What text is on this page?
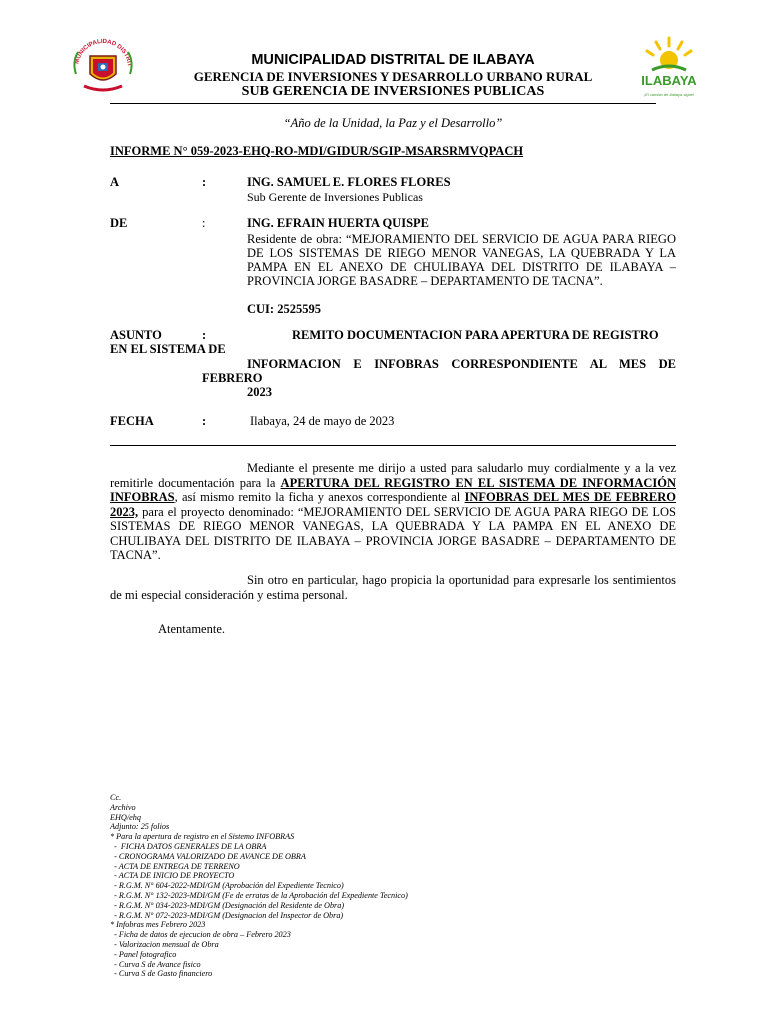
MUNICIPALIDAD DISTRIT
ILABAYA
¡El cambio de Ilabaya sigue!
MUNICIPALIDAD DISTRITAL DE ILABAYA
GERENCIA DE INVERSIONES Y DESARROLLO URBANO RURAL
SUB GERENCIA DE INVERSIONES PUBLICAS
“Año de la Unidad, la Paz y el Desarrollo”
INFORME N° 059-2023-EHQ-RO-MDI/GIDUR/SGIP-MSARSRMVQPACH
A	:	ING. SAMUEL E. FLORES FLORES
Sub Gerente de Inversiones Publicas
DE	:	ING. EFRAIN HUERTA QUISPE
Residente de obra: “MEJORAMIENTO DEL SERVICIO DE AGUA PARA RIEGO DE LOS SISTEMAS DE RIEGO MENOR VANEGAS, LA QUEBRADA Y LA PAMPA EN EL ANEXO DE CHULIBAYA DEL DISTRITO DE ILABAYA – PROVINCIA JORGE BASADRE – DEPARTAMENTO DE TACNA”.
CUI: 2525595
ASUNTO	:	REMITO DOCUMENTACION PARA APERTURA DE REGISTRO
EN EL SISTEMA DE
INFORMACION E INFOBRAS CORRESPONDIENTE AL MES DE
FEBRERO
2023
FECHA	:	Ilabaya, 24 de mayo de 2023
Mediante el presente me dirijo a usted para saludarlo muy cordialmente y a la vez remitirle documentación para la APERTURA DEL REGISTRO EN EL SISTEMA DE INFORMACIÓN INFOBRAS, así mismo remito la ficha y anexos correspondiente al INFOBRAS DEL MES DE FEBRERO 2023, para el proyecto denominado: “MEJORAMIENTO DEL SERVICIO DE AGUA PARA RIEGO DE LOS SISTEMAS DE RIEGO MENOR VANEGAS, LA QUEBRADA Y LA PAMPA EN EL ANEXO DE CHULIBAYA DEL DISTRITO DE ILABAYA – PROVINCIA JORGE BASADRE – DEPARTAMENTO DE TACNA”.
Sin otro en particular, hago propicia la oportunidad para expresarle los sentimientos de mi especial consideración y estima personal.
Atentamente.
Cc.
Archivo
EHQ/ehq
Adjunto: 25 folios
* Para la apertura de registro en el Sistemo INFOBRAS
-  FICHA DATOS GENERALES DE LA OBRA
- CRONOGRAMA VALORIZADO DE AVANCE DE OBRA
- ACTA DE ENTREGA DE TERRENO
- ACTA DE INICIO DE PROYECTO
- R.G.M. N° 604-2022-MDI/GM (Aprobación del Expediente Tecnico)
- R.G.M. N° 132-2023-MDI/GM (Fe de erratas de la Aprobación del Expediente Tecnico)
- R.G.M. N° 034-2023-MDI/GM (Designación del Residente de Obra)
- R.G.M. N° 072-2023-MDI/GM (Designacion del Inspector de Obra)
* Infobras mes Febrero 2023
- Ficha de datos de ejecucion de obra – Febrero 2023
- Valorizacion mensual de Obra
- Panel fotografico
- Curva S de Avance fisico
- Curva S de Gasto financiero
